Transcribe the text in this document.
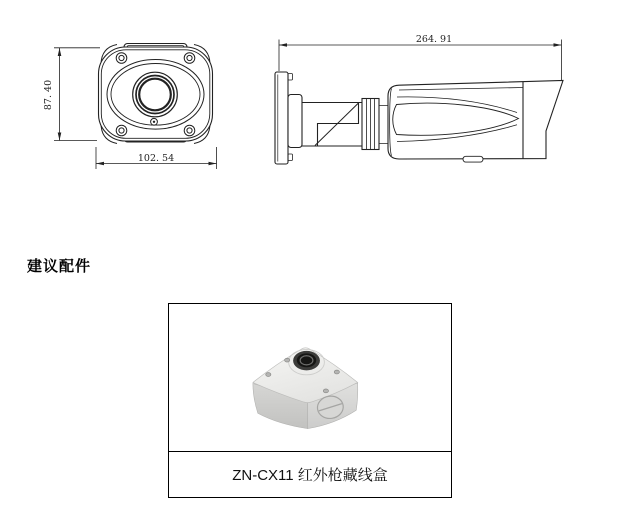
87. 40
102. 54
264. 91
建议配件
ZN-CX11 红外枪藏线盒
